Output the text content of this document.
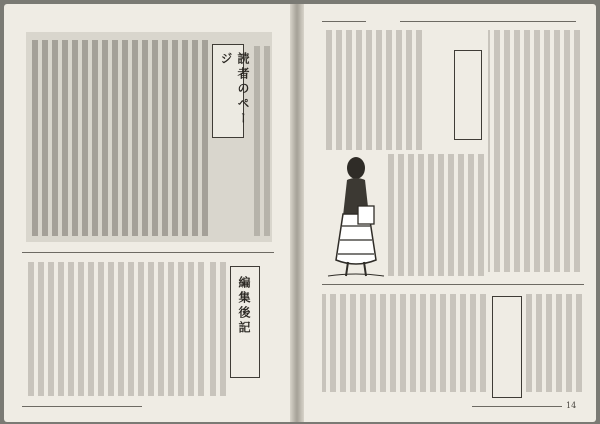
読者のページ
編集後記
14
